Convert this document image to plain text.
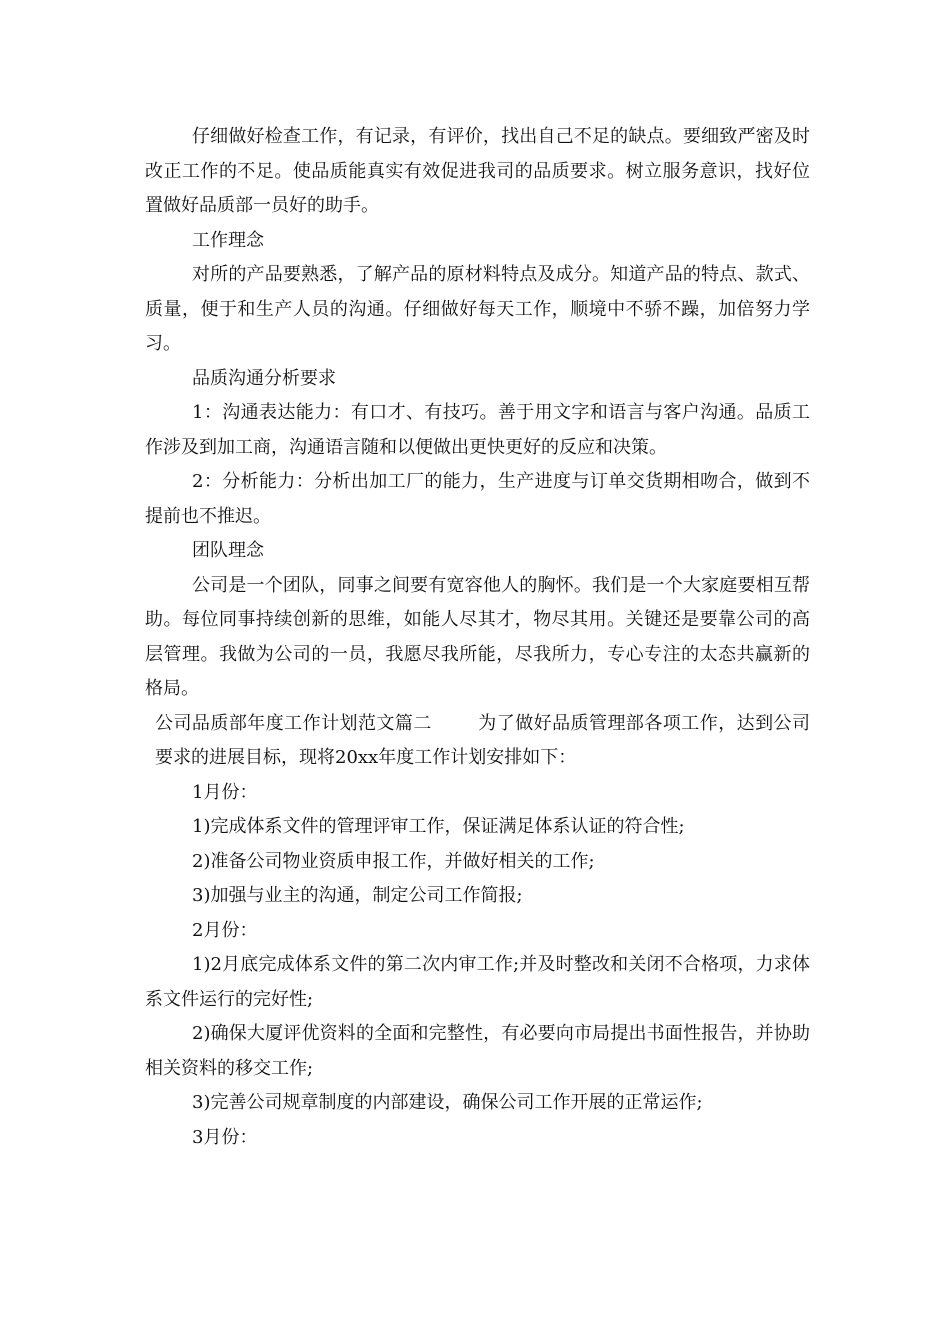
仔细做好检查工作，有记录，有评价，找出自己不足的缺点。要细致严密及时改正工作的不足。使品质能真实有效促进我司的品质要求。树立服务意识，找好位置做好品质部一员好的助手。

工作理念

对所的产品要熟悉，了解产品的原材料特点及成分。知道产品的特点、款式、质量，便于和生产人员的沟通。仔细做好每天工作，顺境中不骄不躁，加倍努力学习。

品质沟通分析要求

1：沟通表达能力：有口才、有技巧。善于用文字和语言与客户沟通。品质工作涉及到加工商，沟通语言随和以便做出更快更好的反应和决策。

2：分析能力：分析出加工厂的能力，生产进度与订单交货期相吻合，做到不提前也不推迟。

团队理念

公司是一个团队，同事之间要有宽容他人的胸怀。我们是一个大家庭要相互帮助。每位同事持续创新的思维，如能人尽其才，物尽其用。关键还是要靠公司的高层管理。我做为公司的一员，我愿尽我所能，尽我所力，专心专注的太态共赢新的格局。

公司品质部年度工作计划范文篇二	为了做好品质管理部各项工作，达到公司要求的进展目标，现将20xx年度工作计划安排如下：

1月份：

1)完成体系文件的管理评审工作，保证满足体系认证的符合性;

2)准备公司物业资质申报工作，并做好相关的工作;

3)加强与业主的沟通，制定公司工作简报;

2月份：

1)2月底完成体系文件的第二次内审工作;并及时整改和关闭不合格项，力求体系文件运行的完好性;

2)确保大厦评优资料的全面和完整性，有必要向市局提出书面性报告，并协助相关资料的移交工作;

3)完善公司规章制度的内部建设，确保公司工作开展的正常运作;

3月份：
